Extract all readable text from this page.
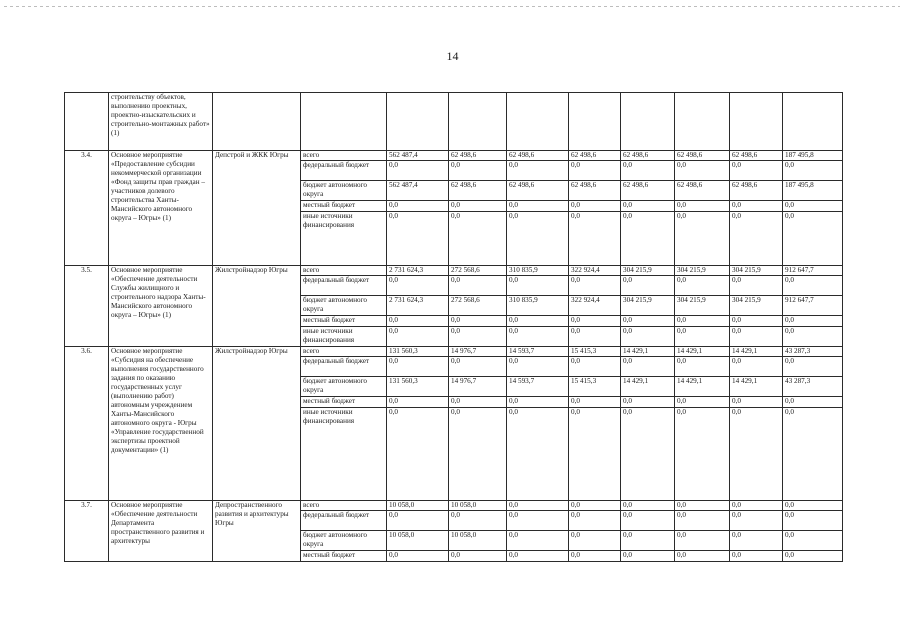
14
	строительству объектов, выполнению проектных, проектно-изыскательских и строительно-монтажных работ» (1)										
3.4.	Основное мероприятие «Предоставление субсидии некоммерческой организации «Фонд защиты прав граждан – участников долевого строительства Ханты-Мансийского автономного округа – Югры» (1)	Депстрой и ЖКК Югры	всего	562 487,4	62 498,6	62 498,6	62 498,6	62 498,6	62 498,6	62 498,6	187 495,8
			федеральный бюджет	0,0	0,0	0,0	0,0	0,0	0,0	0,0	0,0
			бюджет автономного округа	562 487,4	62 498,6	62 498,6	62 498,6	62 498,6	62 498,6	62 498,6	187 495,8
			местный бюджет	0,0	0,0	0,0	0,0	0,0	0,0	0,0	0,0
			иные источники финансирования	0,0	0,0	0,0	0,0	0,0	0,0	0,0	0,0
3.5.	Основное мероприятие «Обеспечение деятельности Службы жилищного и строительного надзора Ханты-Мансийского автономного округа – Югры» (1)	Жилстройнадзор Югры	всего	2 731 624,3	272 568,6	310 835,9	322 924,4	304 215,9	304 215,9	304 215,9	912 647,7
			федеральный бюджет	0,0	0,0	0,0	0,0	0,0	0,0	0,0	0,0
			бюджет автономного округа	2 731 624,3	272 568,6	310 835,9	322 924,4	304 215,9	304 215,9	304 215,9	912 647,7
			местный бюджет	0,0	0,0	0,0	0,0	0,0	0,0	0,0	0,0
			иные источники финансирования	0,0	0,0	0,0	0,0	0,0	0,0	0,0	0,0
3.6.	Основное мероприятие «Субсидия на обеспечение выполнения государственного задания по оказанию государственных услуг (выполнению работ) автономным учреждением Ханты-Мансийского автономного округа - Югры «Управление государственной экспертизы проектной документации» (1)	Жилстройнадзор Югры	всего	131 560,3	14 976,7	14 593,7	15 415,3	14 429,1	14 429,1	14 429,1	43 287,3
			федеральный бюджет	0,0	0,0	0,0	0,0	0,0	0,0	0,0	0,0
			бюджет автономного округа	131 560,3	14 976,7	14 593,7	15 415,3	14 429,1	14 429,1	14 429,1	43 287,3
			местный бюджет	0,0	0,0	0,0	0,0	0,0	0,0	0,0	0,0
			иные источники финансирования	0,0	0,0	0,0	0,0	0,0	0,0	0,0	0,0
3.7.	Основное мероприятие «Обеспечение деятельности Департамента пространственного развития и архитектуры	Депространственного развития и архитектуры Югры	всего	10 058,0	10 058,0	0,0	0,0	0,0	0,0	0,0	0,0
			федеральный бюджет	0,0	0,0	0,0	0,0	0,0	0,0	0,0	0,0
			бюджет автономного округа	10 058,0	10 058,0	0,0	0,0	0,0	0,0	0,0	0,0
			местный бюджет	0,0	0,0	0,0	0,0	0,0	0,0	0,0	0,0
